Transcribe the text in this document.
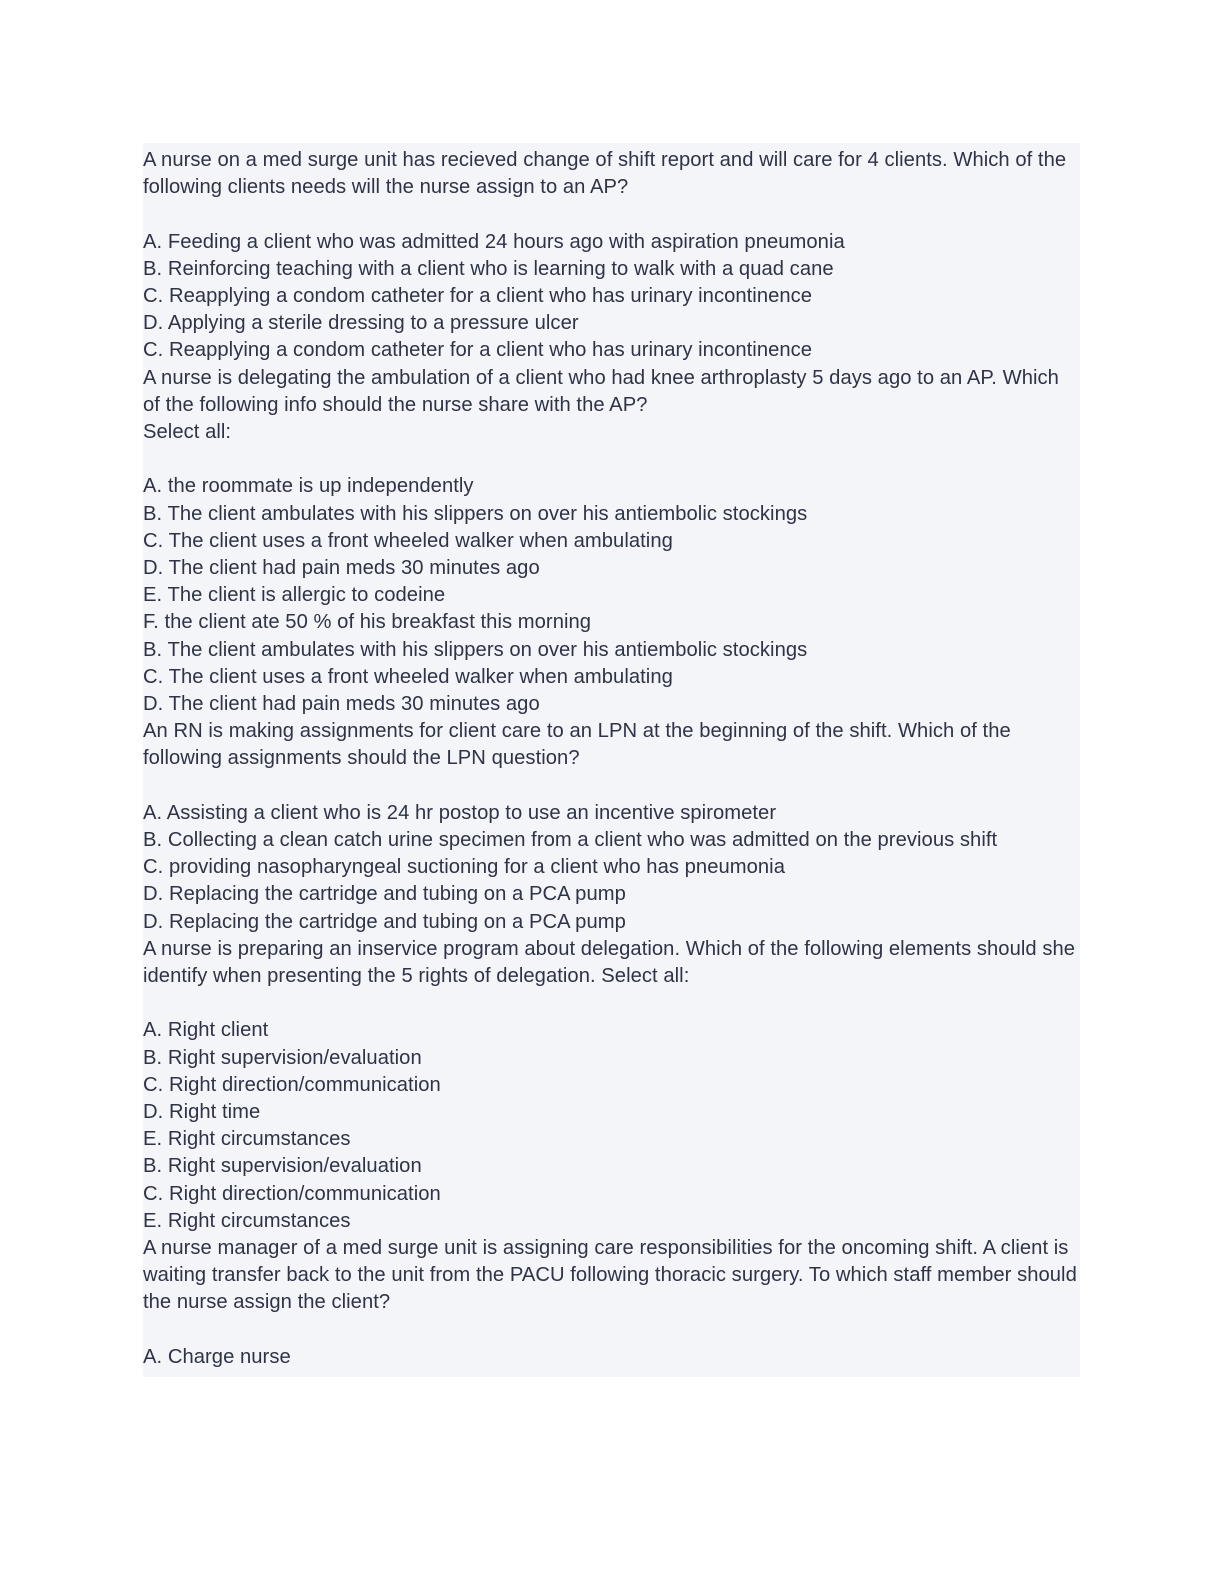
A nurse on a med surge unit has recieved change of shift report and will care for 4 clients. Which of the following clients needs will the nurse assign to an AP?

A. Feeding a client who was admitted 24 hours ago with aspiration pneumonia

B. Reinforcing teaching with a client who is learning to walk with a quad cane

C. Reapplying a condom catheter for a client who has urinary incontinence

D. Applying a sterile dressing to a pressure ulcer

C. Reapplying a condom catheter for a client who has urinary incontinence

A nurse is delegating the ambulation of a client who had knee arthroplasty 5 days ago to an AP. Which of the following info should the nurse share with the AP?

Select all:

A. the roommate is up independently

B. The client ambulates with his slippers on over his antiembolic stockings

C. The client uses a front wheeled walker when ambulating

D. The client had pain meds 30 minutes ago

E. The client is allergic to codeine

F. the client ate 50 % of his breakfast this morning

B. The client ambulates with his slippers on over his antiembolic stockings

C. The client uses a front wheeled walker when ambulating

D. The client had pain meds 30 minutes ago

An RN is making assignments for client care to an LPN at the beginning of the shift. Which of the following assignments should the LPN question?

A. Assisting a client who is 24 hr postop to use an incentive spirometer

B. Collecting a clean catch urine specimen from a client who was admitted on the previous shift

C. providing nasopharyngeal suctioning for a client who has pneumonia

D. Replacing the cartridge and tubing on a PCA pump

D. Replacing the cartridge and tubing on a PCA pump

A nurse is preparing an inservice program about delegation. Which of the following elements should she identify when presenting the 5 rights of delegation. Select all:

A. Right client

B. Right supervision/evaluation

C. Right direction/communication

D. Right time

E. Right circumstances

B. Right supervision/evaluation

C. Right direction/communication

E. Right circumstances

A nurse manager of a med surge unit is assigning care responsibilities for the oncoming shift. A client is waiting transfer back to the unit from the PACU following thoracic surgery. To which staff member should the nurse assign the client?

A. Charge nurse
